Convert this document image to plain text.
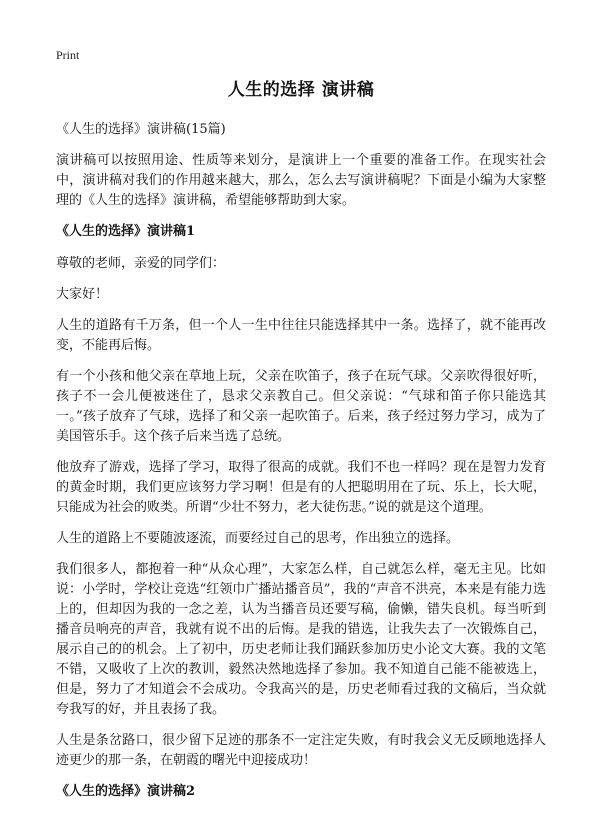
Print
人生的选择 演讲稿
《人生的选择》演讲稿(15篇)

演讲稿可以按照用途、性质等来划分，是演讲上一个重要的准备工作。在现实社会中，演讲稿对我们的作用越来越大，那么，怎么去写演讲稿呢？下面是小编为大家整理的《人生的选择》演讲稿，希望能够帮助到大家。

《人生的选择》演讲稿1

尊敬的老师，亲爱的同学们：

大家好！

人生的道路有千万条，但一个人一生中往往只能选择其中一条。选择了，就不能再改变，不能再后悔。

有一个小孩和他父亲在草地上玩，父亲在吹笛子，孩子在玩气球。父亲吹得很好听，孩子不一会儿便被迷住了，恳求父亲教自己。但父亲说：“气球和笛子你只能选其一。”孩子放弃了气球，选择了和父亲一起吹笛子。后来，孩子经过努力学习，成为了美国管乐手。这个孩子后来当选了总统。

他放弃了游戏，选择了学习，取得了很高的成就。我们不也一样吗？现在是智力发育的黄金时期，我们更应该努力学习啊！但是有的人把聪明用在了玩、乐上，长大呢，只能成为社会的败类。所谓“少壮不努力，老大徒伤悲。”说的就是这个道理。

人生的道路上不要随波逐流，而要经过自己的思考，作出独立的选择。

我们很多人，都抱着一种“从众心理”，大家怎么样，自己就怎么样，毫无主见。比如说：小学时，学校让竞选“红领巾广播站播音员”，我的“声音不洪亮，本来是有能力选上的，但却因为我的一念之差，认为当播音员还要写稿，偷懒，错失良机。每当听到播音员响亮的声音，我就有说不出的后悔。是我的错选，让我失去了一次锻炼自己，展示自己的的机会。上了初中，历史老师让我们踊跃参加历史小论文大赛。我的文笔不错，又吸收了上次的教训，毅然决然地选择了参加。我不知道自己能不能被选上，但是，努力了才知道会不会成功。令我高兴的是，历史老师看过我的文稿后，当众就夸我写的好，并且表扬了我。

人生是条岔路口，很少留下足迹的那条不一定注定失败，有时我会义无反顾地选择人迹更少的那一条，在朝霞的曙光中迎接成功！

《人生的选择》演讲稿2
